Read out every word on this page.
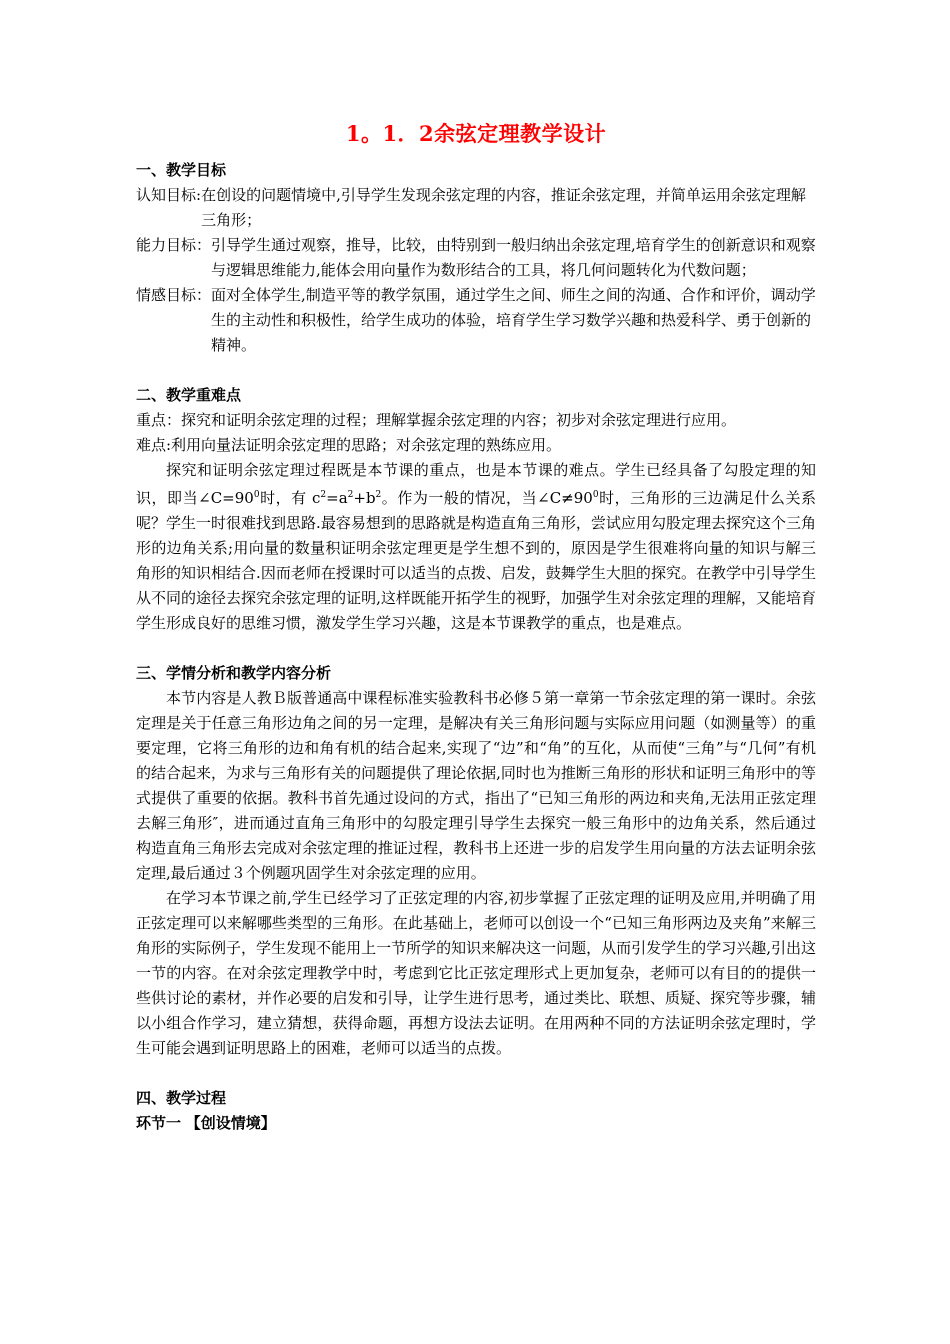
1。1．2余弦定理教学设计

一、教学目标

认知目标: 在创设的问题情境中,引导学生发现余弦定理的内容，推证余弦定理，并简单运用余弦定理解三角形；
能力目标： 引导学生通过观察，推导，比较，由特别到一般归纳出余弦定理,培育学生的创新意识和观察与逻辑思维能力,能体会用向量作为数形结合的工具，将几何问题转化为代数问题；
情感目标： 面对全体学生,制造平等的教学氛围，通过学生之间、师生之间的沟通、合作和评价，调动学生的主动性和积极性，给学生成功的体验，培育学生学习数学兴趣和热爱科学、勇于创新的精神。

二、教学重难点

重点：探究和证明余弦定理的过程；理解掌握余弦定理的内容；初步对余弦定理进行应用。

难点:利用向量法证明余弦定理的思路；对余弦定理的熟练应用。

探究和证明余弦定理过程既是本节课的重点，也是本节课的难点。学生已经具备了勾股定理的知识，即当$\angle C=90^0$时，有 $c^2=a^2+b^2$。作为一般的情况，当$\angle C\ne 90^0$时，三角形的三边满足什么关系呢？学生一时很难找到思路.最容易想到的思路就是构造直角三角形，尝试应用勾股定理去探究这个三角形的边角关系;用向量的数量积证明余弦定理更是学生想不到的，原因是学生很难将向量的知识与解三角形的知识相结合.因而老师在授课时可以适当的点拨、启发，鼓舞学生大胆的探究。在教学中引导学生从不同的途径去探究余弦定理的证明,这样既能开拓学生的视野，加强学生对余弦定理的理解，又能培育学生形成良好的思维习惯，激发学生学习兴趣，这是本节课教学的重点，也是难点。

三、学情分析和教学内容分析

本节内容是人教Ｂ版普通高中课程标准实验教科书必修５第一章第一节余弦定理的第一课时。余弦定理是关于任意三角形边角之间的另一定理，是解决有关三角形问题与实际应用问题（如测量等）的重要定理，它将三角形的边和角有机的结合起来,实现了“边”和“角”的互化，从而使“三角”与“几何”有机的结合起来，为求与三角形有关的问题提供了理论依据,同时也为推断三角形的形状和证明三角形中的等式提供了重要的依据。教科书首先通过设问的方式，指出了“已知三角形的两边和夹角,无法用正弦定理去解三角形″，进而通过直角三角形中的勾股定理引导学生去探究一般三角形中的边角关系，然后通过构造直角三角形去完成对余弦定理的推证过程，教科书上还进一步的启发学生用向量的方法去证明余弦定理,最后通过３个例题巩固学生对余弦定理的应用。

在学习本节课之前,学生已经学习了正弦定理的内容,初步掌握了正弦定理的证明及应用,并明确了用正弦定理可以来解哪些类型的三角形。在此基础上，老师可以创设一个“已知三角形两边及夹角”来解三角形的实际例子，学生发现不能用上一节所学的知识来解决这一问题，从而引发学生的学习兴趣,引出这一节的内容。在对余弦定理教学中时，考虑到它比正弦定理形式上更加复杂，老师可以有目的的提供一些供讨论的素材，并作必要的启发和引导，让学生进行思考，通过类比、联想、质疑、探究等步骤，辅以小组合作学习，建立猜想，获得命题，再想方设法去证明。在用两种不同的方法证明余弦定理时，学生可能会遇到证明思路上的困难，老师可以适当的点拨。

四、教学过程

环节一 【创设情境】
